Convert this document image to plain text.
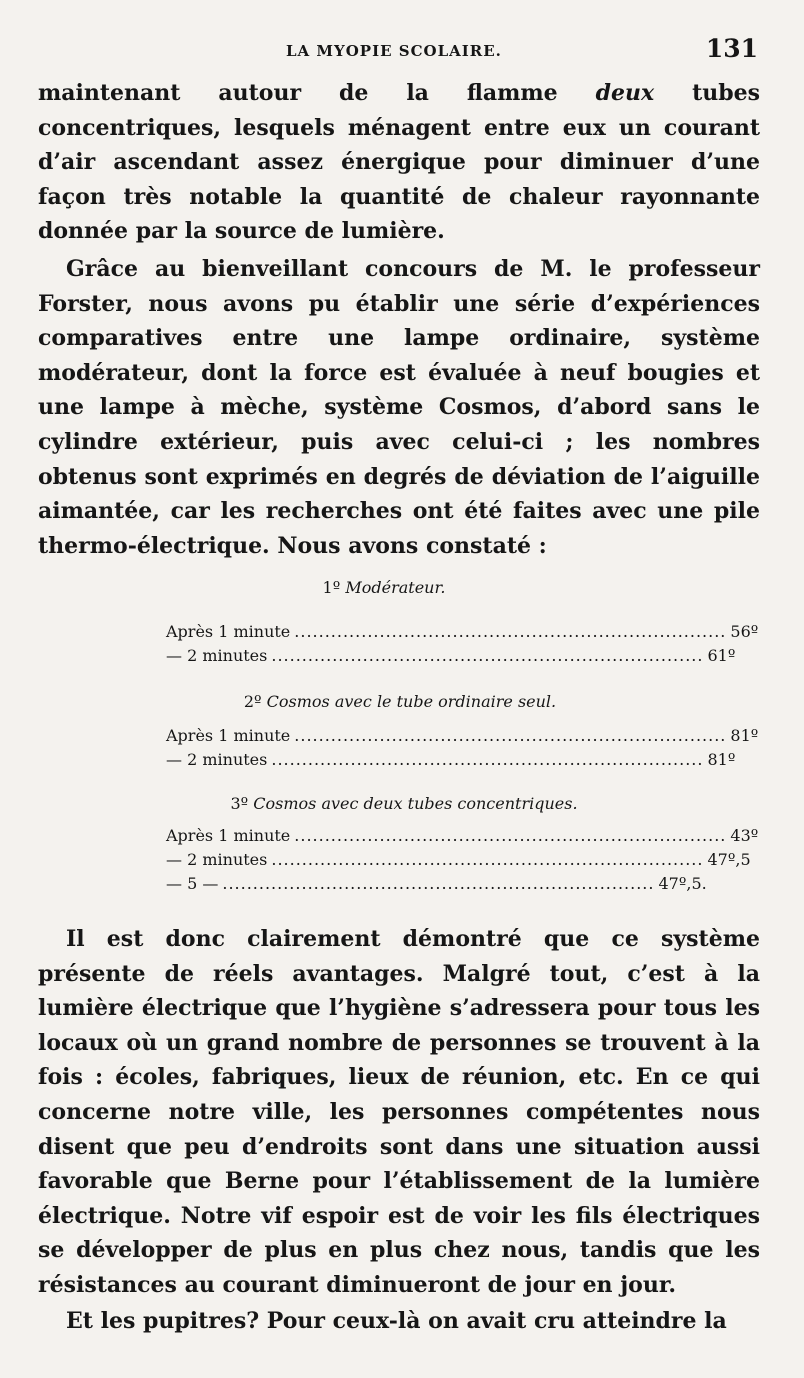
LA MYOPIE SCOLAIRE.	131
maintenant autour de la flamme deux tubes concentriques, lesquels ménagent entre eux un courant d’air ascendant assez énergique pour diminuer d’une façon très notable la quantité de chaleur rayonnante donnée par la source de lumière.
Grâce au bienveillant concours de M. le professeur Forster, nous avons pu établir une série d’expériences comparatives entre une lampe ordinaire, système modérateur, dont la force est évaluée à neuf bougies et une lampe à mèche, système Cosmos, d’abord sans le cylindre extérieur, puis avec celui-ci ; les nombres obtenus sont exprimés en degrés de déviation de l’aiguille aimantée, car les recherches ont été faites avec une pile thermo-électrique. Nous avons constaté :
1º Modérateur.
Après 1 minute ....................................................................... 56º
— 2 minutes ....................................................................... 61º
2º Cosmos avec le tube ordinaire seul.
Après 1 minute ....................................................................... 81º
— 2 minutes ....................................................................... 81º
3º Cosmos avec deux tubes concentriques.
Après 1 minute ....................................................................... 43º
— 2 minutes ....................................................................... 47º,5
— 5 — ....................................................................... 47º,5.
Il est donc clairement démontré que ce système présente de réels avantages. Malgré tout, c’est à la lumière électrique que l’hygiène s’adressera pour tous les locaux où un grand nombre de personnes se trouvent à la fois : écoles, fabriques, lieux de réunion, etc. En ce qui concerne notre ville, les personnes compétentes nous disent que peu d’endroits sont dans une situation aussi favorable que Berne pour l’établissement de la lumière électrique. Notre vif espoir est de voir les fils électriques se développer de plus en plus chez nous, tandis que les résistances au courant diminueront de jour en jour.
Et les pupitres? Pour ceux-là on avait cru atteindre la
